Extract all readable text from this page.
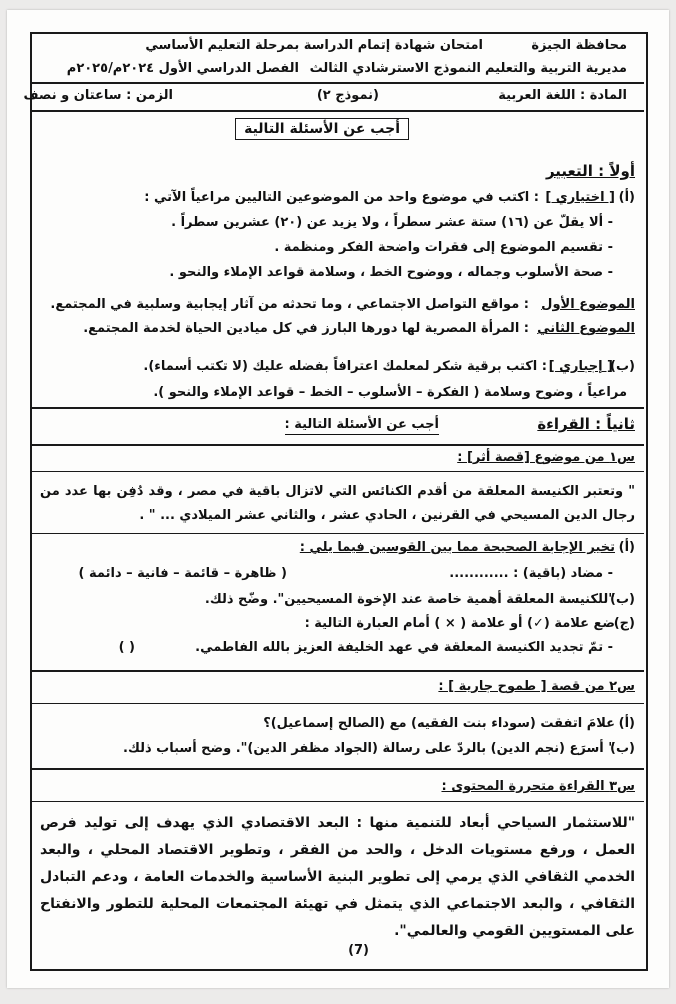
محافظة الجيزة
امتحان شهادة إتمام الدراسة بمرحلة التعليم الأساسي
مديرية التربية والتعليم
النموذج الاسترشادي الثالث
الفصل الدراسي الأول ٢٠٢٤م/٢٠٢٥م
المادة : اللغة العربية
(نموذج ٢)
الزمن : ساعتان و نصف
أجب عن الأسئلة التالية
أولاً : التعبير
(أ)
[ اختياري ]
: اكتب في موضوع واحد من الموضوعين التاليين مراعياً الآتي :
- ألا يقلّ عن (١٦) ستة عشر سطراً ، ولا يزيد عن (٢٠) عشرين سطراً .
- تقسيم الموضوع إلى فقرات واضحة الفكر ومنظمة .
- صحة الأسلوب وجماله ، ووضوح الخط ، وسلامة قواعد الإملاء والنحو .
الموضوع الأول
: مواقع التواصل الاجتماعي ، وما تحدثه من آثار إيجابية وسلبية في المجتمع.
الموضوع الثاني
: المرأة المصرية لها دورها البارز في كل ميادين الحياة لخدمة المجتمع.
(ب)
[ إجباري ]
: اكتب برقية شكر لمعلمك اعترافاً بفضله عليك (لا تكتب أسماء).
مراعياً ، وضوح وسلامة ( الفكرة – الأسلوب – الخط – قواعد الإملاء والنحو ).
ثانياً : القراءة
أجب عن الأسئلة التالية :
س١ من موضوع [قصة أثر] :
" وتعتبر الكنيسة المعلقة من أقدم الكنائس التي لاتزال باقية في مصر ، وقد دُفِن بها عدد من رجال الدين المسيحي في القرنين ، الحادي عشر ، والثاني عشر الميلادي ... " .
(أ)
تخير الإجابة الصحيحة مما بين القوسين فيما يلي :
- مضاد (باقية) : ............
( ظاهرة – قائمة – فانية – دائمة )
(ب)
"للكنيسة المعلقة أهمية خاصة عند الإخوة المسيحيين". وضّح ذلك.
(ج)
ضع علامة (✓) أو علامة ( × ) أمام العبارة التالية :
- تمّ تجديد الكنيسة المعلقة في عهد الخليفة العزيز بالله الفاطمي.
( )
س٢ من قصة [ طموح جارية ] :
(أ)
علامَ اتفقت (سوداء بنت الفقيه) مع (الصالح إسماعيل)؟
(ب)
" أسرَع (نجم الدين) بالردّ على رسالة (الجواد مظفر الدين)". وضح أسباب ذلك.
س٣ القراءة متحررة المحتوى :
"للاستثمار السياحي أبعاد للتنمية منها : البعد الاقتصادي الذي يهدف إلى توليد فرص العمل ، ورفع مستويات الدخل ، والحد من الفقر ، وتطوير الاقتصاد المحلي ، والبعد الخدمي الثقافي الذي يرمي إلى تطوير البنية الأساسية والخدمات العامة ، ودعم التبادل الثقافي ، والبعد الاجتماعي الذي يتمثل في تهيئة المجتمعات المحلية للتطور والانفتاح على المستويين القومي والعالمي".
(7)
